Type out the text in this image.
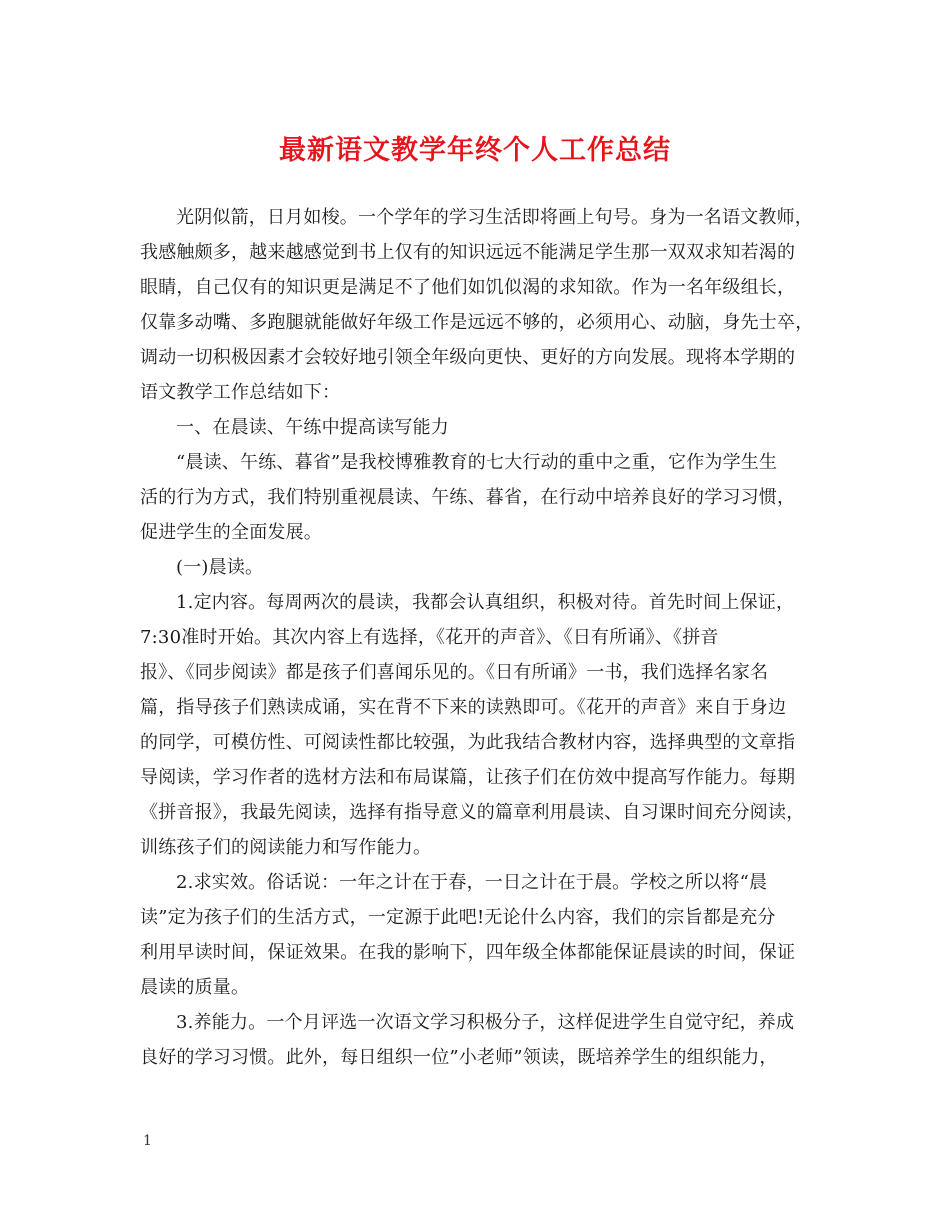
最新语文教学年终个人工作总结

光阴似箭，日月如梭。一个学年的学习生活即将画上句号。身为一名语文教师，

我感触颇多，越来越感觉到书上仅有的知识远远不能满足学生那一双双求知若渴的

眼睛，自己仅有的知识更是满足不了他们如饥似渴的求知欲。作为一名年级组长，

仅靠多动嘴、多跑腿就能做好年级工作是远远不够的，必须用心、动脑，身先士卒，

调动一切积极因素才会较好地引领全年级向更快、更好的方向发展。现将本学期的

语文教学工作总结如下：

一、在晨读、午练中提高读写能力

“晨读、午练、暮省”是我校博雅教育的七大行动的重中之重，它作为学生生

活的行为方式，我们特别重视晨读、午练、暮省，在行动中培养良好的学习习惯，

促进学生的全面发展。

(一)晨读。

1.定内容。每周两次的晨读，我都会认真组织，积极对待。首先时间上保证，

7:30准时开始。其次内容上有选择，《花开的声音》、《日有所诵》、《拼音

报》、《同步阅读》都是孩子们喜闻乐见的。《日有所诵》一书，我们选择名家名

篇，指导孩子们熟读成诵，实在背不下来的读熟即可。《花开的声音》来自于身边

的同学，可模仿性、可阅读性都比较强，为此我结合教材内容，选择典型的文章指

导阅读，学习作者的选材方法和布局谋篇，让孩子们在仿效中提高写作能力。每期

《拼音报》，我最先阅读，选择有指导意义的篇章利用晨读、自习课时间充分阅读，

训练孩子们的阅读能力和写作能力。

2.求实效。俗话说：一年之计在于春，一日之计在于晨。学校之所以将“晨

读”定为孩子们的生活方式，一定源于此吧!无论什么内容，我们的宗旨都是充分

利用早读时间，保证效果。在我的影响下，四年级全体都能保证晨读的时间，保证

晨读的质量。

3.养能力。一个月评选一次语文学习积极分子，这样促进学生自觉守纪，养成

良好的学习习惯。此外，每日组织一位”小老师”领读，既培养学生的组织能力，

1
